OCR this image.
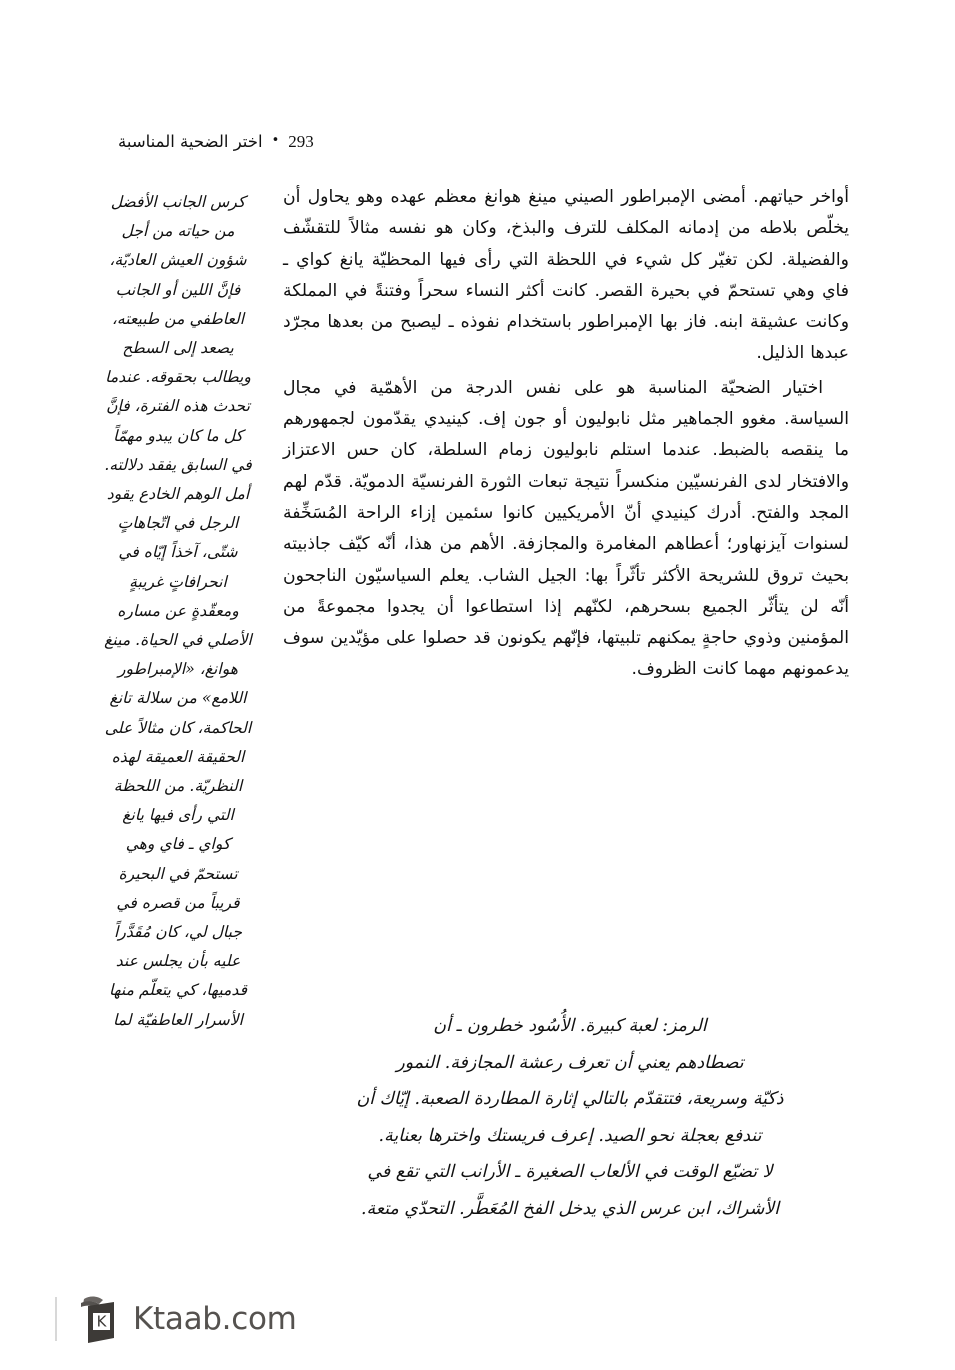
اختر الضحية المناسبة • 293

أواخر حياتهم. أمضى الإمبراطور الصيني مينغ هوانغ معظم عهده وهو يحاول أن يخلّص بلاطه من إدمانه المكلف للترف والبذخ، وكان هو نفسه مثالاً للتقشّف والفضيلة. لكن تغيّر كل شيء في اللحظة التي رأى فيها المحظيّة يانغ كواي ـ فاي وهي تستحمّ في بحيرة القصر. كانت أكثر النساء سحراً وفتنةً في المملكة وكانت عشيقة ابنه. فاز بها الإمبراطور باستخدام نفوذه ـ ليصبح من بعدها مجرّد عبدها الذليل.

اختيار الضحيّة المناسبة هو على نفس الدرجة من الأهمّية في مجال السياسة. مغوو الجماهير مثل نابوليون أو جون إف. كينيدي يقدّمون لجمهورهم ما ينقصه بالضبط. عندما استلم نابوليون زمام السلطة، كان حس الاعتزاز والافتخار لدى الفرنسيّين منكسراً نتيجة تبعات الثورة الفرنسيّة الدمويّة. قدّم لهم المجد والفتح. أدرك كينيدي أنّ الأمريكيين كانوا سئمين إزاء الراحة المُسَخِّفة لسنوات آيزنهاور؛ أعطاهم المغامرة والمجازفة. الأهم من هذا، أنّه كيّف جاذبيته بحيث تروق للشريحة الأكثر تأثّراً بها: الجيل الشاب. يعلم السياسيّون الناجحون أنّه لن يتأثّر الجميع بسحرهم، لكنّهم إذا استطاعوا أن يجدوا مجموعةً من المؤمنين وذوي حاجةٍ يمكنهم تلبيتها، فإنّهم يكونون قد حصلوا على مؤيّدين سوف يدعمونهم مهما كانت الظروف.

كرس الجانب الأفضل من حياته من أجل شؤون العيش العاديّة، فإنَّ اللين أو الجانب العاطفي من طبيعته، يصعد إلى السطح ويطالب بحقوقه. عندما تحدث هذه الفترة، فإنَّ كل ما كان يبدو مهمّاً في السابق يفقد دلالته. أمل الوهم الخادع يقود الرجل في اتّجاهاتٍ شتّى، آخذاً إيّاه في انحرافاتٍ غريبةٍ ومعقّدةٍ عن مساره الأصلي في الحياة. مينغ هوانغ، «الإمبراطور اللامع» من سلالة تانغ الحاكمة، كان مثالاً على الحقيقة العميقة لهذه النظريّة. من اللحظة التي رأى فيها يانغ كواي ـ فاي وهي تستحمّ في البحيرة قريباً من قصره في جبال لي، كان مُقَدَّراً عليه بأن يجلس عند قدميها، كي يتعلّم منها الأسرار العاطفيّة لما	الرمز: لعبة كبيرة. الأُسُود خطرون ـ أن

تصطادهم يعني أن تعرف رعشة المجازفة. النمور

ذكيّة وسريعة، فتتقدّم بالتالي إثارة المطاردة الصعبة. إيّاك أن

تندفع بعجلة نحو الصيد. إعرف فريستك واخترها بعناية.

لا تضيّع الوقت في الألعاب الصغيرة ـ الأرانب التي تقع في

الأشراك، ابن عرس الذي يدخل الفخ المُعَطَّر. التحدّي متعة.

K Ktaab.com
